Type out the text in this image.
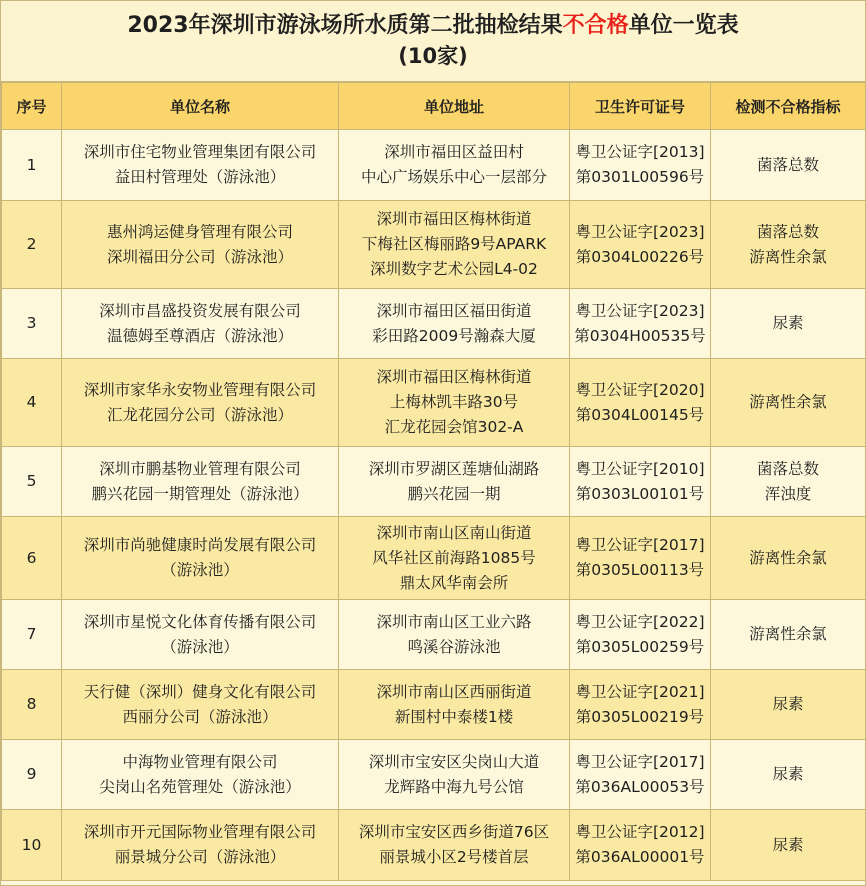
2023年深圳市游泳场所水质第二批抽检结果不合格单位一览表
(10家)
序号	单位名称	单位地址	卫生许可证号	检测不合格指标
1	深圳市住宅物业管理集团有限公司
益田村管理处（游泳池）	深圳市福田区益田村
中心广场娱乐中心一层部分	粤卫公证字[2013]
第0301L00596号	菌落总数

2	惠州鸿运健身管理有限公司
深圳福田分公司（游泳池）	深圳市福田区梅林街道
下梅社区梅丽路9号APARK
深圳数字艺术公园L4-02	粤卫公证字[2023]
第0304L00226号	菌落总数
游离性余氯

3	深圳市昌盛投资发展有限公司
温德姆至尊酒店（游泳池）	深圳市福田区福田街道
彩田路2009号瀚森大厦	粤卫公证字[2023]
第0304H00535号	尿素

4	深圳市家华永安物业管理有限公司
汇龙花园分公司（游泳池）	深圳市福田区梅林街道
上梅林凯丰路30号
汇龙花园会馆302-A	粤卫公证字[2020]
第0304L00145号	游离性余氯

5	深圳市鹏基物业管理有限公司
鹏兴花园一期管理处（游泳池）	深圳市罗湖区莲塘仙湖路
鹏兴花园一期	粤卫公证字[2010]
第0303L00101号	菌落总数
浑浊度

6	深圳市尚驰健康时尚发展有限公司
（游泳池）	深圳市南山区南山街道
风华社区前海路1085号
鼎太风华南会所	粤卫公证字[2017]
第0305L00113号	游离性余氯

7	深圳市星悦文化体育传播有限公司
（游泳池）	深圳市南山区工业六路
鸣溪谷游泳池	粤卫公证字[2022]
第0305L00259号	游离性余氯

8	天行健（深圳）健身文化有限公司
西丽分公司（游泳池）	深圳市南山区西丽街道
新围村中泰楼1楼	粤卫公证字[2021]
第0305L00219号	尿素

9	中海物业管理有限公司
尖岗山名苑管理处（游泳池）	深圳市宝安区尖岗山大道
龙辉路中海九号公馆	粤卫公证字[2017]
第036AL00053号	尿素

10	深圳市开元国际物业管理有限公司
丽景城分公司（游泳池）	深圳市宝安区西乡街道76区
丽景城小区2号楼首层	粤卫公证字[2012]
第036AL00001号	尿素
